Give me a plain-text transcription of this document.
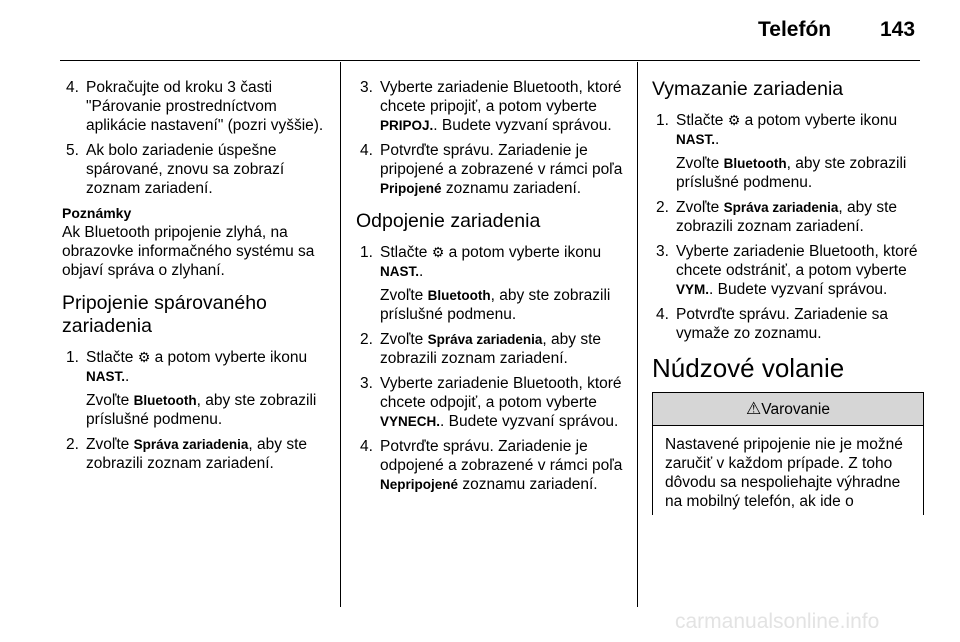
Telefón 143
4. Pokračujte od kroku 3 časti "Párovanie prostredníctvom aplikácie nastavení" (pozri vyššie).
5. Ak bolo zariadenie úspešne spárované, znovu sa zobrazí zoznam zariadení.
Poznámky
Ak Bluetooth pripojenie zlyhá, na obrazovke informačného systému sa objaví správa o zlyhaní.
Pripojenie spárovaného zariadenia
1. Stlačte ⚙ a potom vyberte ikonu NAST..
Zvoľte Bluetooth, aby ste zobrazili príslušné podmenu.
2. Zvoľte Správa zariadenia, aby ste zobrazili zoznam zariadení.
3. Vyberte zariadenie Bluetooth, ktoré chcete pripojiť, a potom vyberte PRIPOJ.. Budete vyzvaní správou.
4. Potvrďte správu. Zariadenie je pripojené a zobrazené v rámci poľa Pripojené zoznamu zariadení.
Odpojenie zariadenia
1. Stlačte ⚙ a potom vyberte ikonu NAST..
Zvoľte Bluetooth, aby ste zobrazili príslušné podmenu.
2. Zvoľte Správa zariadenia, aby ste zobrazili zoznam zariadení.
3. Vyberte zariadenie Bluetooth, ktoré chcete odpojiť, a potom vyberte VYNECH.. Budete vyzvaní správou.
4. Potvrďte správu. Zariadenie je odpojené a zobrazené v rámci poľa Nepripojené zoznamu zariadení.
Vymazanie zariadenia
1. Stlačte ⚙ a potom vyberte ikonu NAST..
Zvoľte Bluetooth, aby ste zobrazili príslušné podmenu.
2. Zvoľte Správa zariadenia, aby ste zobrazili zoznam zariadení.
3. Vyberte zariadenie Bluetooth, ktoré chcete odstrániť, a potom vyberte VYM.. Budete vyzvaní správou.
4. Potvrďte správu. Zariadenie sa vymaže zo zoznamu.
Núdzové volanie
⚠Varovanie
Nastavené pripojenie nie je možné zaručiť v každom prípade. Z toho dôvodu sa nespoliehajte výhradne na mobilný telefón, ak ide o
carmanualsonline.info
